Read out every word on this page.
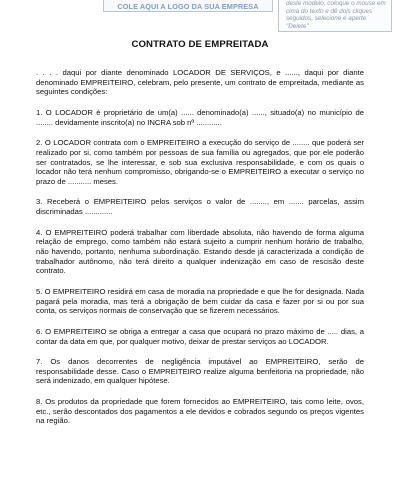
COLE AQUI A LOGO DA SUA EMPRESA	deste modelo, coloque o mouse em cima do texto e dê dois cliques seguidos, selecione e aperte "Delete"
CONTRATO DE EMPREITADA

. . . . daqui por diante denominado LOCADOR DE SERVIÇOS, e ......, daqui por diante denominado EMPREITEIRO, celebram, pelo presente, um contrato de empreitada, mediante as seguintes condições:

1. O LOCADOR é proprietário de um(a) ...... denominado(a) ......, situado(a) no município de ........ devidamente inscrito(a) no INCRA sob nº ............

2. O LOCADOR contrata com o EMPREITEIRO a execução do serviço de ........ que poderá ser realizado por si, como também por pessoas de sua família ou agregados, que por ele poderão ser contratados, se lhe interessar, e sob sua exclusiva responsabilidade, e com os quais o locador não terá nenhum compromisso, obrigando-se o EMPREITEIRO a executar o serviço no prazo de ........... meses.

3. Receberá o EMPREITEIRO pelos serviços o valor de ........, em ....... parcelas, assim discriminadas .............

4. O EMPREITEIRO poderá trabalhar com liberdade absoluta, não havendo de forma alguma relação de emprego, como também não estará sujeito a cumprir nenhum horário de trabalho, não havendo, portanto, nenhuma subordinação. Estando desde já caracterizada a condição de trabalhador autônomo, não terá direito a qualquer indenização em caso de rescisão deste contrato.

5. O EMPREITEIRO residirá em casa de moradia na propriedade e que lhe for designada. Nada pagará pela moradia, mas terá a obrigação de bem cuidar da casa e fazer por si ou por sua conta, os serviços normais de conservação que se fizerem necessários.

6. O EMPREITEIRO se obriga a entregar a casa que ocupará no prazo máximo de ..... dias, a contar da data em que, por qualquer motivo, deixar de prestar serviços ao LOCADOR.

7. Os danos decorrentes de negligência imputável ao EMPREITEIRO, serão de responsabilidade desse. Caso o EMPREITEIRO realize alguma benfeitoria na propriedade, não será indenizado, em qualquer hipótese.

8. Os produtos da propriedade que forem fornecidos ao EMPREITEIRO, tais como leite, ovos, etc., serão descontados dos pagamentos a ele devidos e cobrados segundo os preços vigentes na região.
